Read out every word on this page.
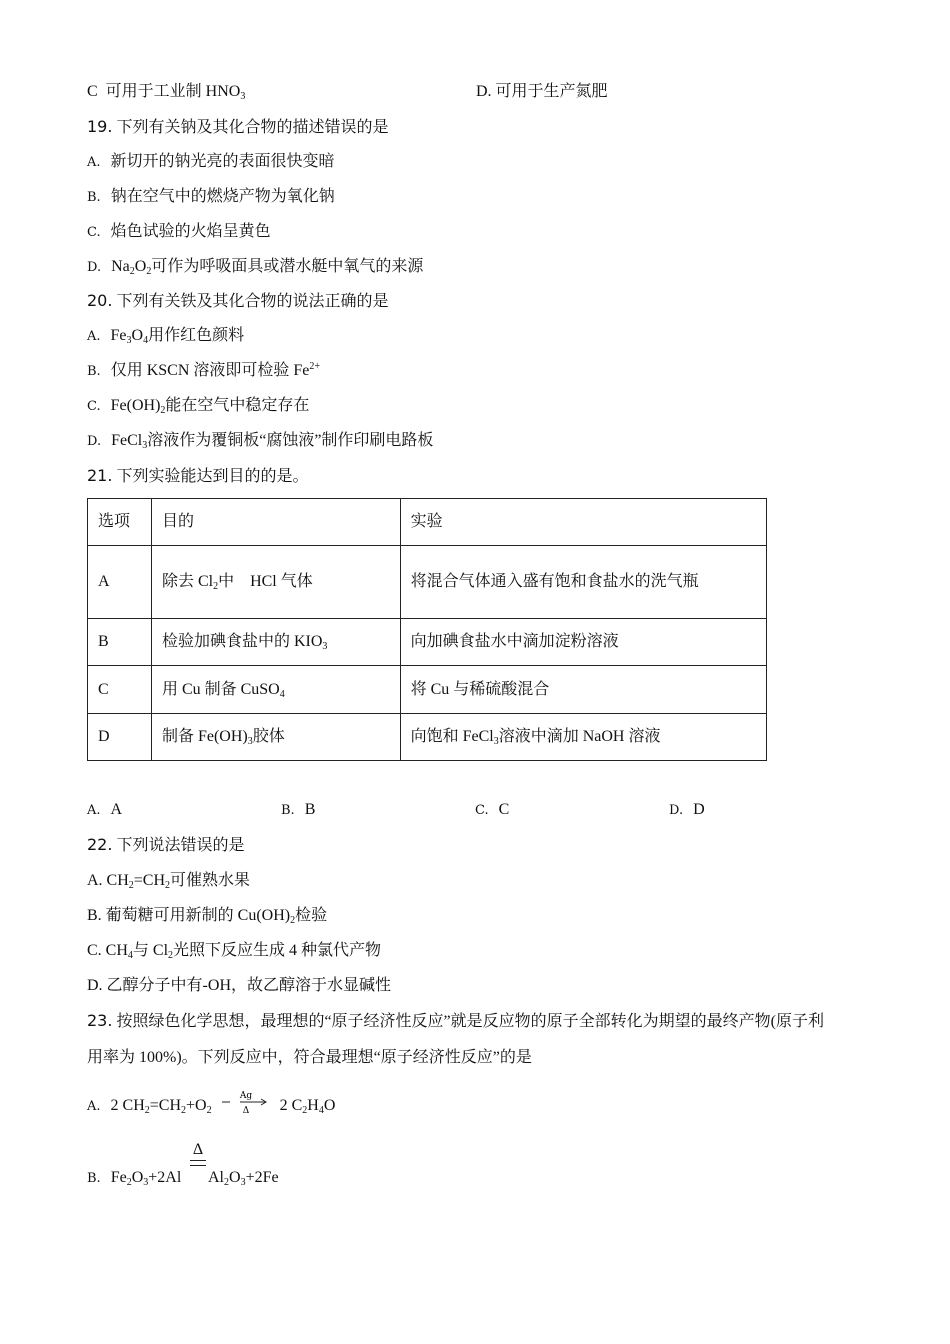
C 可用于工业制 $HNO_3$	D. 可用于生产氮肥
19. 下列有关钠及其化合物的描述错误的是
A. 新切开的钠光亮的表面很快变暗
B. 钠在空气中的燃烧产物为氧化钠
C. 焰色试验的火焰呈黄色
D. $Na_2O_2$可作为呼吸面具或潜水艇中氧气的来源
20. 下列有关铁及其化合物的说法正确的是
A. $Fe_3O_4$用作红色颜料
B. 仅用 KSCN 溶液即可检验 $Fe^{2+}$
C. $Fe(OH)_2$能在空气中稳定存在
D. FeCl$_3$溶液作为覆铜板“腐蚀液”制作印刷电路板
21. 下列实验能达到目的的是。
选项	目的	实验
A	除去 $Cl_2$中　HCl 气体	将混合气体通入盛有饱和食盐水的洗气瓶
B	检验加碘食盐中的 $KIO_3$	向加碘食盐水中滴加淀粉溶液
C	用 Cu 制备 CuSO$_4$	将 Cu 与稀硫酸混合
D	制备 $Fe(OH)_3$胶体	向饱和 FeCl$_3$溶液中滴加 NaOH 溶液
A. A	B. B	C. C	D. D
22. 下列说法错误的是
A. $CH_2=CH_2$可催熟水果
B. 葡萄糖可用新制的 $Cu(OH)_2$检验
C. $CH_4$与 $Cl_2$光照下反应生成 4 种氯代产物
D. 乙醇分子中有-OH，故乙醇溶于水显碱性
23. 按照绿色化学思想，最理想的“原子经济性反应”就是反应物的原子全部转化为期望的最终产物(原子利
用率为 100%)。下列反应中，符合最理想“原子经济性反应”的是
A. 2 $CH_2=CH_2+O_2$
Ag
Δ 2 $C_2H_4O$
Δ
B. $Fe_2O_3+2Al$ $Al_2O_3+2Fe$
